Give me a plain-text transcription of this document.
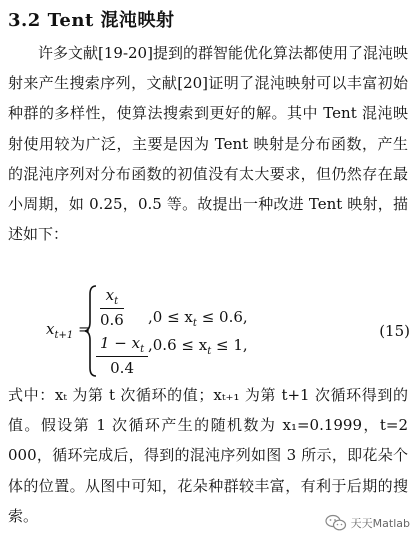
3.2 Tent 混沌映射
许多文献[19-20]提到的群智能优化算法都使用了混沌映射来产生搜索序列，文献[20]证明了混沌映射可以丰富初始种群的多样性，使算法搜索到更好的解。其中 Tent 混沌映射使用较为广泛，主要是因为 Tent 映射是分布函数，产生的混沌序列对分布函数的初值没有太大要求，但仍然存在最小周期，如 0.25，0.5 等。故提出一种改进 Tent 映射，描述如下：
$x_{t+1} = \frac{x_t}{0.6} ,0 \le x_t \le 0.6$,
$\frac{1 - x_t}{0.4} ,0.6 \le x_t \le 1$,
(15)
式中：xₜ 为第 t 次循环的值；xₜ₊₁ 为第 t+1 次循环得到的值。假设第 1 次循环产生的随机数为 x₁=0.1999，t=2 000，循环完成后，得到的混沌序列如图 3 所示，即花朵个体的位置。从图中可知，花朵种群较丰富，有利于后期的搜索。	天天Matlab
